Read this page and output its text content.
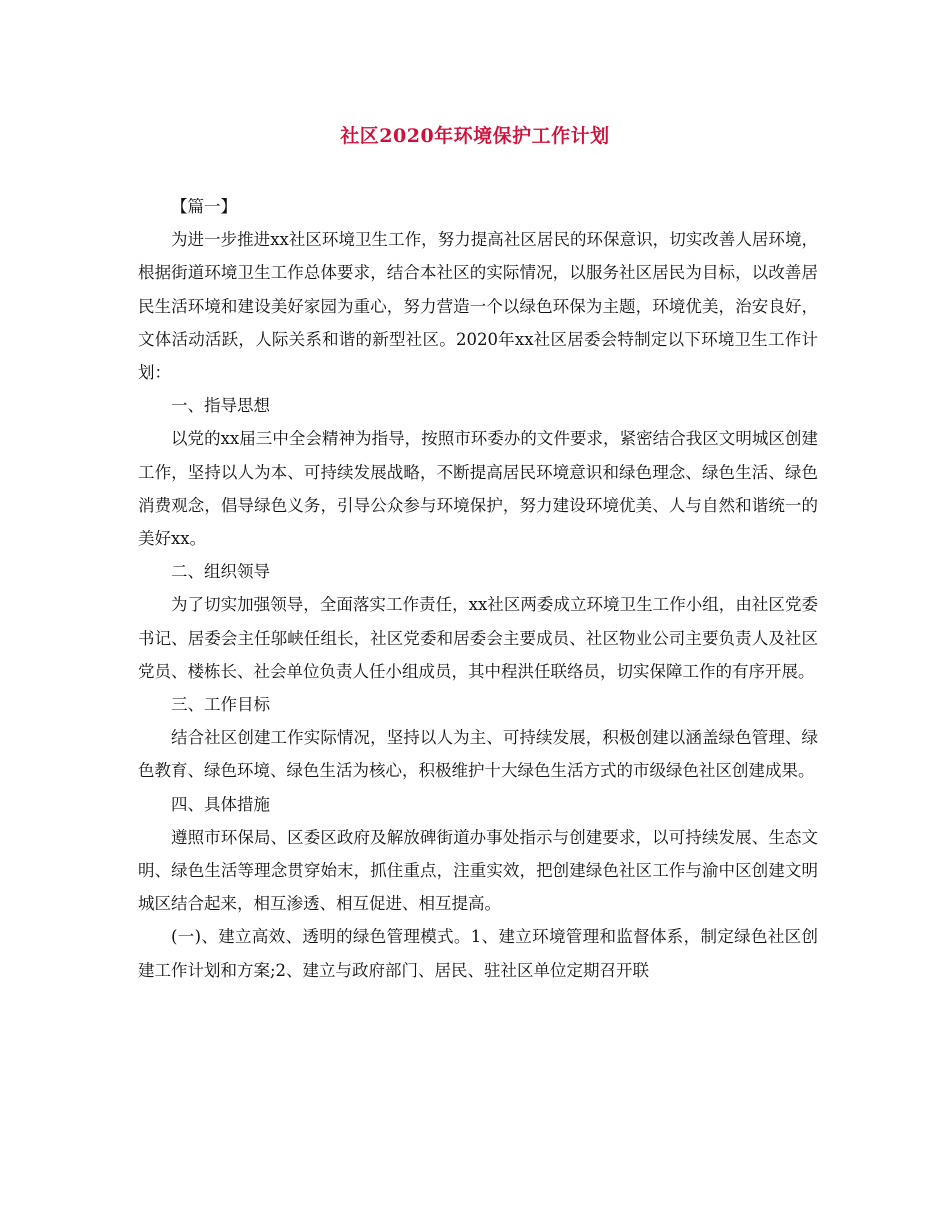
社区2020年环境保护工作计划

【篇一】

为进一步推进xx社区环境卫生工作，努力提高社区居民的环保意识，切实改善人居环境，根据街道环境卫生工作总体要求，结合本社区的实际情况，以服务社区居民为目标，以改善居民生活环境和建设美好家园为重心，努力营造一个以绿色环保为主题，环境优美，治安良好，文体活动活跃，人际关系和谐的新型社区。2020年xx社区居委会特制定以下环境卫生工作计划：

一、指导思想

以党的xx届三中全会精神为指导，按照市环委办的文件要求，紧密结合我区文明城区创建工作，坚持以人为本、可持续发展战略，不断提高居民环境意识和绿色理念、绿色生活、绿色消费观念，倡导绿色义务，引导公众参与环境保护，努力建设环境优美、人与自然和谐统一的美好xx。

二、组织领导

为了切实加强领导，全面落实工作责任，xx社区两委成立环境卫生工作小组，由社区党委书记、居委会主任邬峡任组长，社区党委和居委会主要成员、社区物业公司主要负责人及社区党员、楼栋长、社会单位负责人任小组成员，其中程洪任联络员，切实保障工作的有序开展。

三、工作目标

结合社区创建工作实际情况，坚持以人为主、可持续发展，积极创建以涵盖绿色管理、绿色教育、绿色环境、绿色生活为核心，积极维护十大绿色生活方式的市级绿色社区创建成果。

四、具体措施

遵照市环保局、区委区政府及解放碑街道办事处指示与创建要求，以可持续发展、生态文明、绿色生活等理念贯穿始末，抓住重点，注重实效，把创建绿色社区工作与渝中区创建文明城区结合起来，相互渗透、相互促进、相互提高。

(一)、建立高效、透明的绿色管理模式。1、建立环境管理和监督体系，制定绿色社区创建工作计划和方案;2、建立与政府部门、居民、驻社区单位定期召开联
